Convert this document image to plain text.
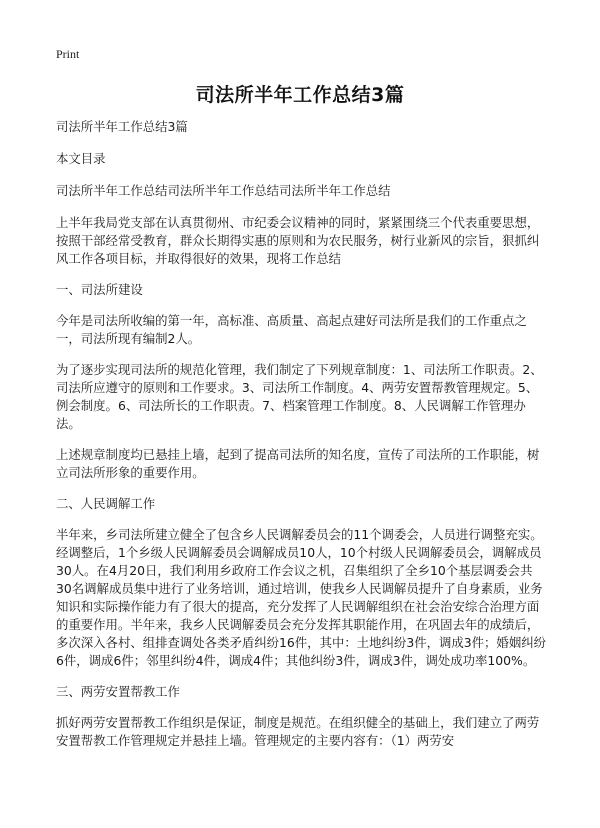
Print
司法所半年工作总结3篇

司法所半年工作总结3篇

本文目录

司法所半年工作总结司法所半年工作总结司法所半年工作总结

上半年我局党支部在认真贯彻州、市纪委会议精神的同时，紧紧围绕三个代表重要思想，按照干部经常受教育，群众长期得实惠的原则和为农民服务，树行业新风的宗旨，狠抓纠风工作各项目标，并取得很好的效果，现将工作总结

一、司法所建设

今年是司法所收编的第一年，高标准、高质量、高起点建好司法所是我们的工作重点之一，司法所现有编制2人。

为了逐步实现司法所的规范化管理，我们制定了下列规章制度：1、司法所工作职责。2、司法所应遵守的原则和工作要求。3、司法所工作制度。4、两劳安置帮教管理规定。5、例会制度。6、司法所长的工作职责。7、档案管理工作制度。8、人民调解工作管理办法。

上述规章制度均已悬挂上墙，起到了提高司法所的知名度，宣传了司法所的工作职能，树立司法所形象的重要作用。

二、人民调解工作

半年来，乡司法所建立健全了包含乡人民调解委员会的11个调委会，人员进行调整充实。经调整后，1个乡级人民调解委员会调解成员10人，10个村级人民调解委员会，调解成员30人。在4月20日，我们利用乡政府工作会议之机，召集组织了全乡10个基层调委会共30名调解成员集中进行了业务培训，通过培训，使我乡人民调解员提升了自身素质，业务知识和实际操作能力有了很大的提高，充分发挥了人民调解组织在社会治安综合治理方面的重要作用。半年来，我乡人民调解委员会充分发挥其职能作用，在巩固去年的成绩后，多次深入各村、组排查调处各类矛盾纠纷16件，其中：土地纠纷3件，调成3件；婚姻纠纷6件，调成6件；邻里纠纷4件，调成4件；其他纠纷3件，调成3件，调处成功率100%。

三、两劳安置帮教工作

抓好两劳安置帮教工作组织是保证，制度是规范。在组织健全的基础上，我们建立了两劳安置帮教工作管理规定并悬挂上墙。管理规定的主要内容有：（1）两劳安
